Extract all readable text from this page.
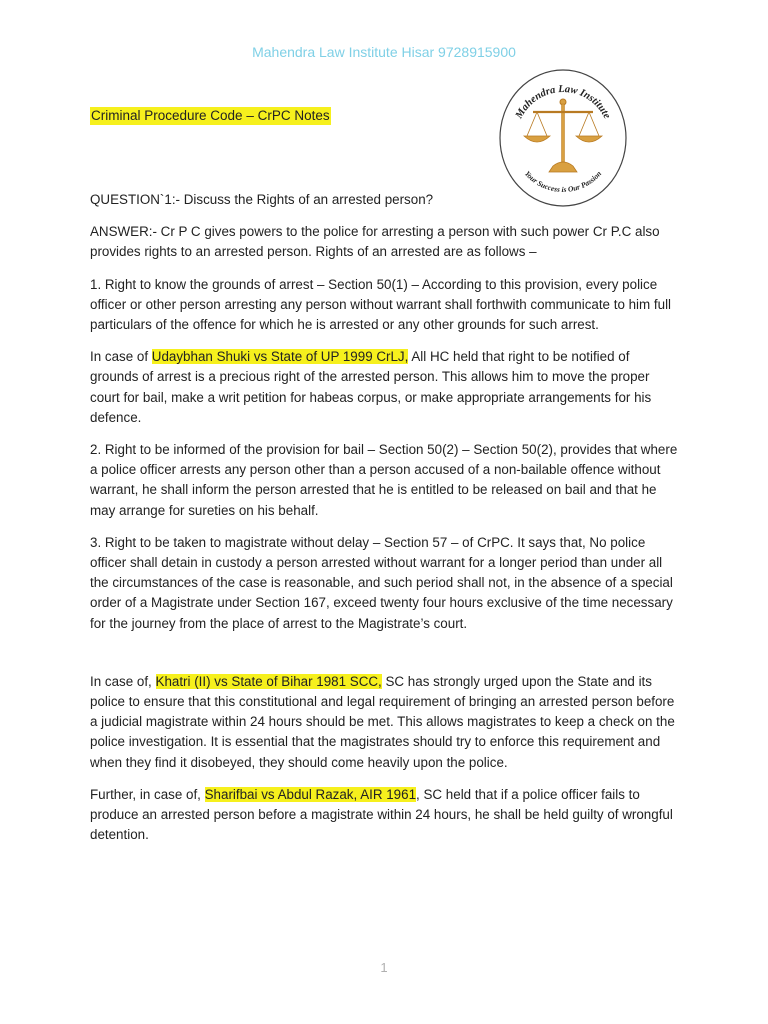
Mahendra Law Institute Hisar 9728915900
Criminal Procedure Code – CrPC Notes	Mahendra Law Institute
Your Success is Our Passion

QUESTION`1:- Discuss the Rights of an arrested person?

ANSWER:- Cr P C gives powers to the police for arresting a person with such power Cr P.C also provides rights to an arrested person. Rights of an arrested are as follows –

1. Right to know the grounds of arrest – Section 50(1) – According to this provision, every police officer or other person arresting any person without warrant shall forthwith communicate to him full particulars of the offence for which he is arrested or any other grounds for such arrest.

In case of Udaybhan Shuki vs State of UP 1999 CrLJ, All HC held that right to be notified of grounds of arrest is a precious right of the arrested person. This allows him to move the proper court for bail, make a writ petition for habeas corpus, or make appropriate arrangements for his defence.

2. Right to be informed of the provision for bail – Section 50(2) – Section 50(2), provides that where a police officer arrests any person other than a person accused of a non-bailable offence without warrant, he shall inform the person arrested that he is entitled to be released on bail and that he may arrange for sureties on his behalf.

3. Right to be taken to magistrate without delay – Section 57 – of CrPC. It says that, No police officer shall detain in custody a person arrested without warrant for a longer period than under all the circumstances of the case is reasonable, and such period shall not, in the absence of a special order of a Magistrate under Section 167, exceed twenty four hours exclusive of the time necessary for the journey from the place of arrest to the Magistrate’s court.

In case of, Khatri (II) vs State of Bihar 1981 SCC, SC has strongly urged upon the State and its police to ensure that this constitutional and legal requirement of bringing an arrested person before a judicial magistrate within 24 hours should be met. This allows magistrates to keep a check on the police investigation. It is essential that the magistrates should try to enforce this requirement and when they find it disobeyed, they should come heavily upon the police.

Further, in case of, Sharifbai vs Abdul Razak, AIR 1961, SC held that if a police officer fails to produce an arrested person before a magistrate within 24 hours, he shall be held guilty of wrongful detention.

1
